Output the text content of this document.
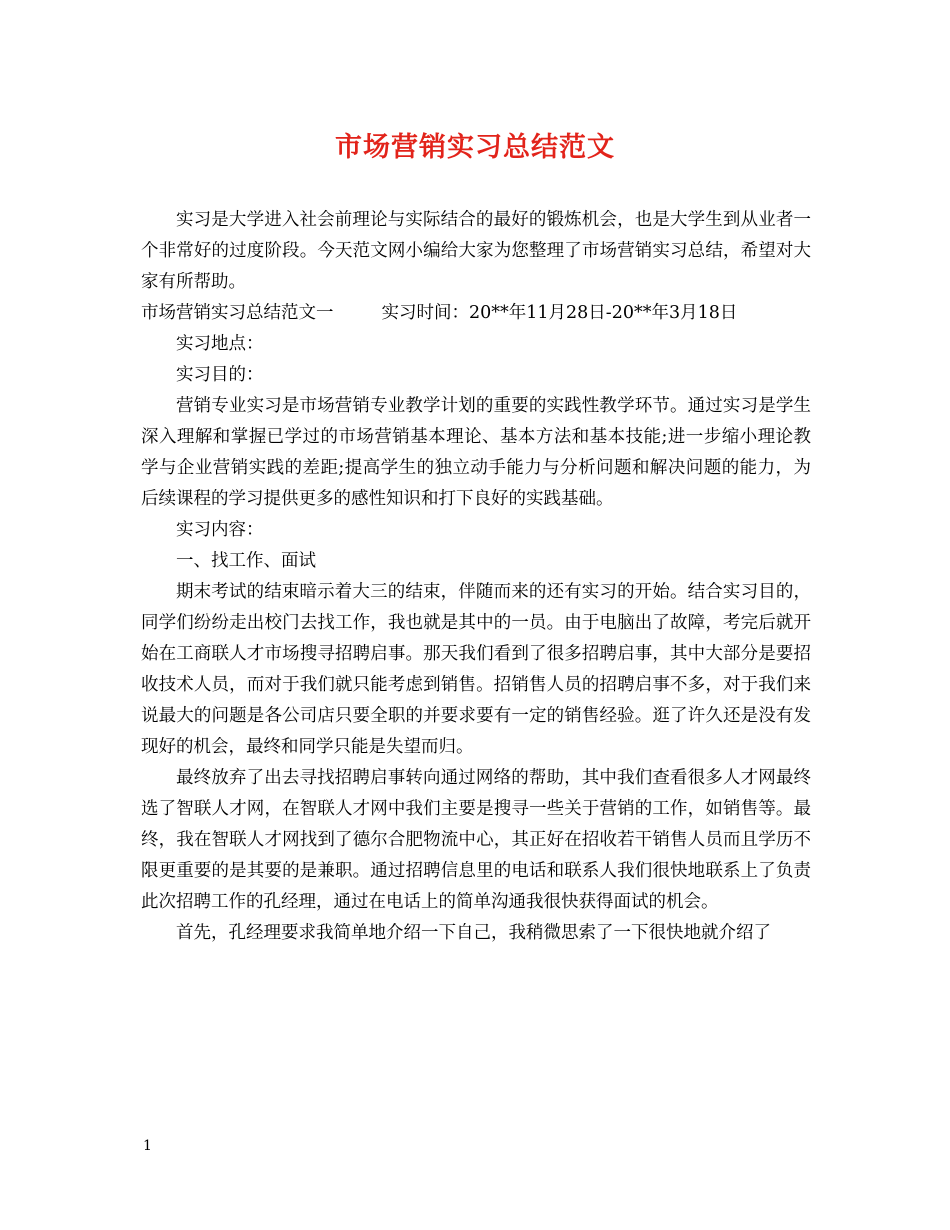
市场营销实习总结范文

实习是大学进入社会前理论与实际结合的最好的锻炼机会，也是大学生到从业者一个非常好的过度阶段。今天范文网小编给大家为您整理了市场营销实习总结，希望对大家有所帮助。

市场营销实习总结范文一	实习时间：20**年11月28日-20**年3月18日

实习地点：

实习目的：

营销专业实习是市场营销专业教学计划的重要的实践性教学环节。通过实习是学生深入理解和掌握已学过的市场营销基本理论、基本方法和基本技能;进一步缩小理论教学与企业营销实践的差距;提高学生的独立动手能力与分析问题和解决问题的能力，为后续课程的学习提供更多的感性知识和打下良好的实践基础。

实习内容：

一、找工作、面试

期末考试的结束暗示着大三的结束，伴随而来的还有实习的开始。结合实习目的，同学们纷纷走出校门去找工作，我也就是其中的一员。由于电脑出了故障，考完后就开始在工商联人才市场搜寻招聘启事。那天我们看到了很多招聘启事，其中大部分是要招收技术人员，而对于我们就只能考虑到销售。招销售人员的招聘启事不多，对于我们来说最大的问题是各公司店只要全职的并要求要有一定的销售经验。逛了许久还是没有发现好的机会，最终和同学只能是失望而归。

最终放弃了出去寻找招聘启事转向通过网络的帮助，其中我们查看很多人才网最终选了智联人才网，在智联人才网中我们主要是搜寻一些关于营销的工作，如销售等。最终，我在智联人才网找到了德尔合肥物流中心，其正好在招收若干销售人员而且学历不限更重要的是其要的是兼职。通过招聘信息里的电话和联系人我们很快地联系上了负责此次招聘工作的孔经理，通过在电话上的简单沟通我很快获得面试的机会。

首先，孔经理要求我简单地介绍一下自己，我稍微思索了一下很快地就介绍了

1
